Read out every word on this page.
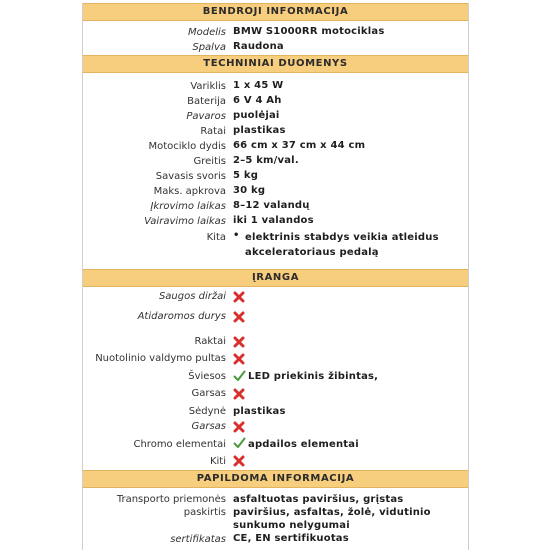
BENDROJI INFORMACIJA
Modelis BMW S1000RR motociklas
Spalva Raudona
TECHNINIAI DUOMENYS
Variklis 1 x 45 W
Baterija 6 V 4 Ah
Pavaros puolėjai
Ratai plastikas
Motociklo dydis 66 cm x 37 cm x 44 cm
Greitis 2–5 km/val.
Savasis svoris 5 kg
Maks. apkrova 30 kg
Įkrovimo laikas 8–12 valandų
Vairavimo laikas iki 1 valandos
Kita • elektrinis stabdys veikia atleidus akceleratoriaus pedalą
ĮRANGA
Saugos diržai
Atidaromos durys
Raktai
Nuotolinio valdymo pultas
Šviesos LED priekinis žibintas,
Garsas
Sėdynė plastikas
Garsas
Chromo elementai apdailos elementai
Kiti
PAPILDOMA INFORMACIJA
Transporto priemonės
paskirtis
asfaltuotas paviršius, grįstas paviršius, asfaltas, žolė, vidutinio sunkumo nelygumai
sertifikatas CE, EN sertifikuotas
